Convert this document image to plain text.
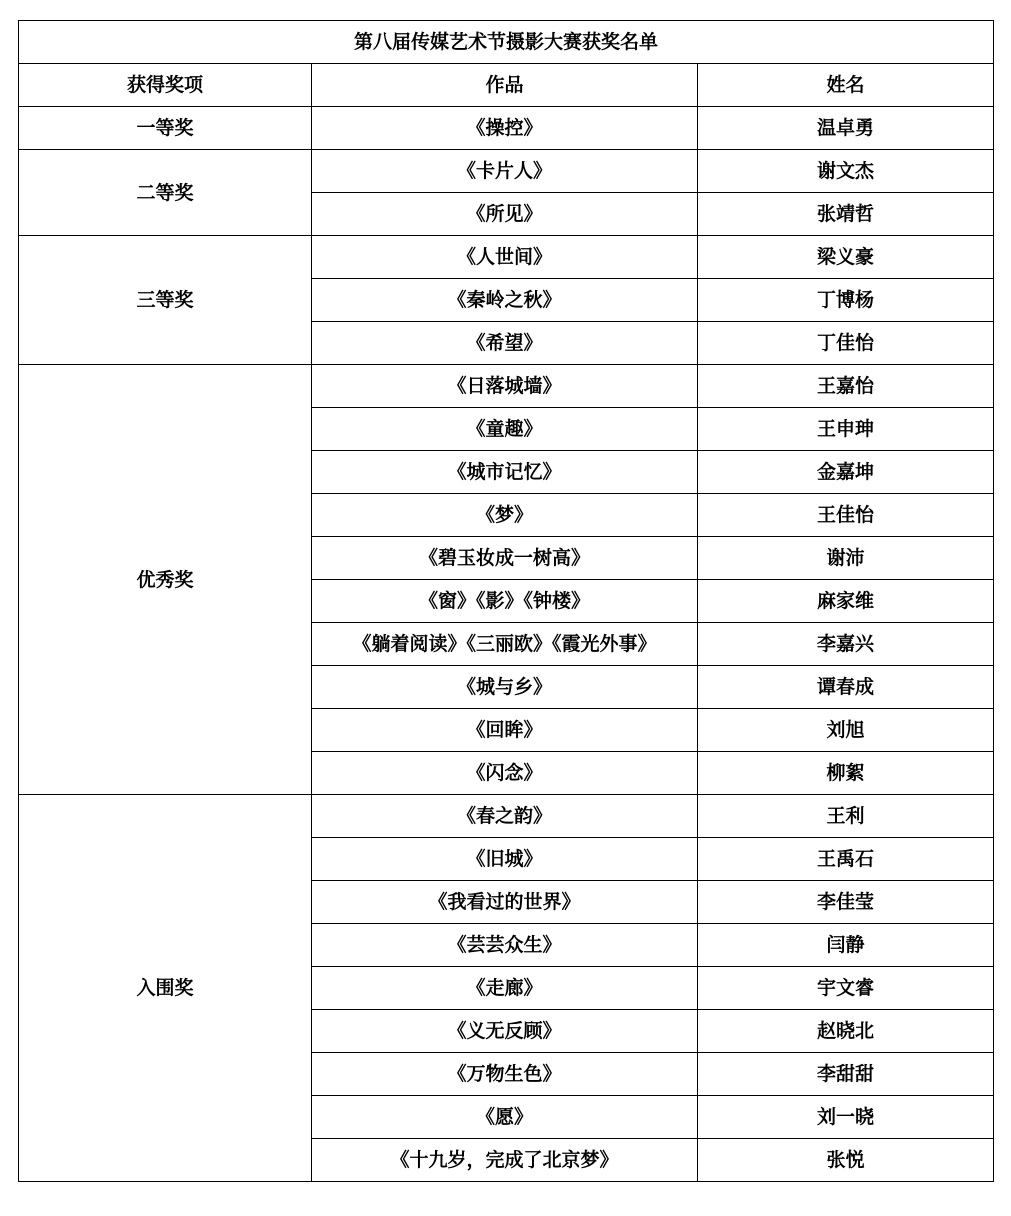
第八届传媒艺术节摄影大赛获奖名单		
获得奖项	作品	姓名
一等奖	《操控》	温卓勇
二等奖	《卡片人》	谢文杰
	《所见》	张靖哲
三等奖	《人世间》	梁义豪
	《秦岭之秋》	丁博杨
	《希望》	丁佳怡
优秀奖	《日落城墙》	王嘉怡
	《童趣》	王申珅
	《城市记忆》	金嘉坤
	《梦》	王佳怡
	《碧玉妆成一树高》	谢沛
	《窗》《影》《钟楼》	麻家维
	《躺着阅读》《三丽欧》《霞光外事》	李嘉兴
	《城与乡》	谭春成
	《回眸》	刘旭
	《闪念》	柳絮
入围奖	《春之韵》	王利
	《旧城》	王禹石
	《我看过的世界》	李佳莹
	《芸芸众生》	闫静
	《走廊》	宇文睿
	《义无反顾》	赵晓北
	《万物生色》	李甜甜
	《愿》	刘一晓
	《十九岁，完成了北京梦》	张悦
